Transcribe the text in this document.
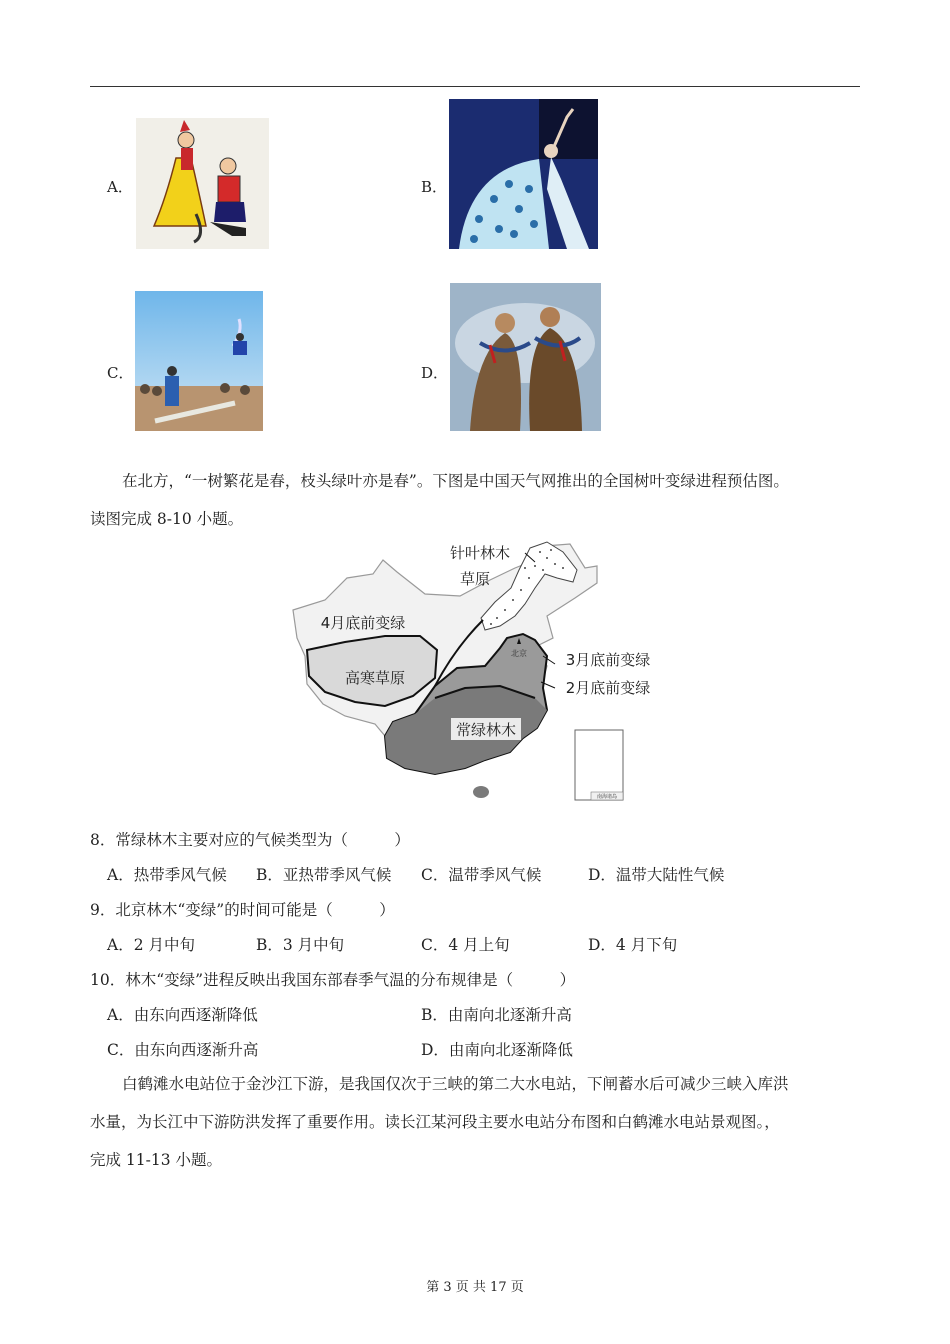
A．	B．
C．	D．
在北方，“一树繁花是春，枝头绿叶亦是春”。下图是中国天气网推出的全国树叶变绿进程预估图。
读图完成 8-10 小题。
南海诸岛
针叶林木
草原
4月底前变绿
高寒草原
北京	3月底前变绿
2月底前变绿
常绿林木
8．常绿林木主要对应的气候类型为（　　　）
A．热带季风气候 B．亚热带季风气候 C．温带季风气候	D．温带大陆性气候
9．北京林木“变绿”的时间可能是（　　　）
A．2 月中旬	B．3 月中旬	C．4 月上旬	D．4 月下旬
10．林木“变绿”进程反映出我国东部春季气温的分布规律是（　　　）
A．由东向西逐渐降低	B．由南向北逐渐升高
C．由东向西逐渐升高	D．由南向北逐渐降低
白鹤滩水电站位于金沙江下游，是我国仅次于三峡的第二大水电站，下闸蓄水后可减少三峡入库洪
水量，为长江中下游防洪发挥了重要作用。读长江某河段主要水电站分布图和白鹤滩水电站景观图。，
完成 11-13 小题。
第 3 页 共 17 页
